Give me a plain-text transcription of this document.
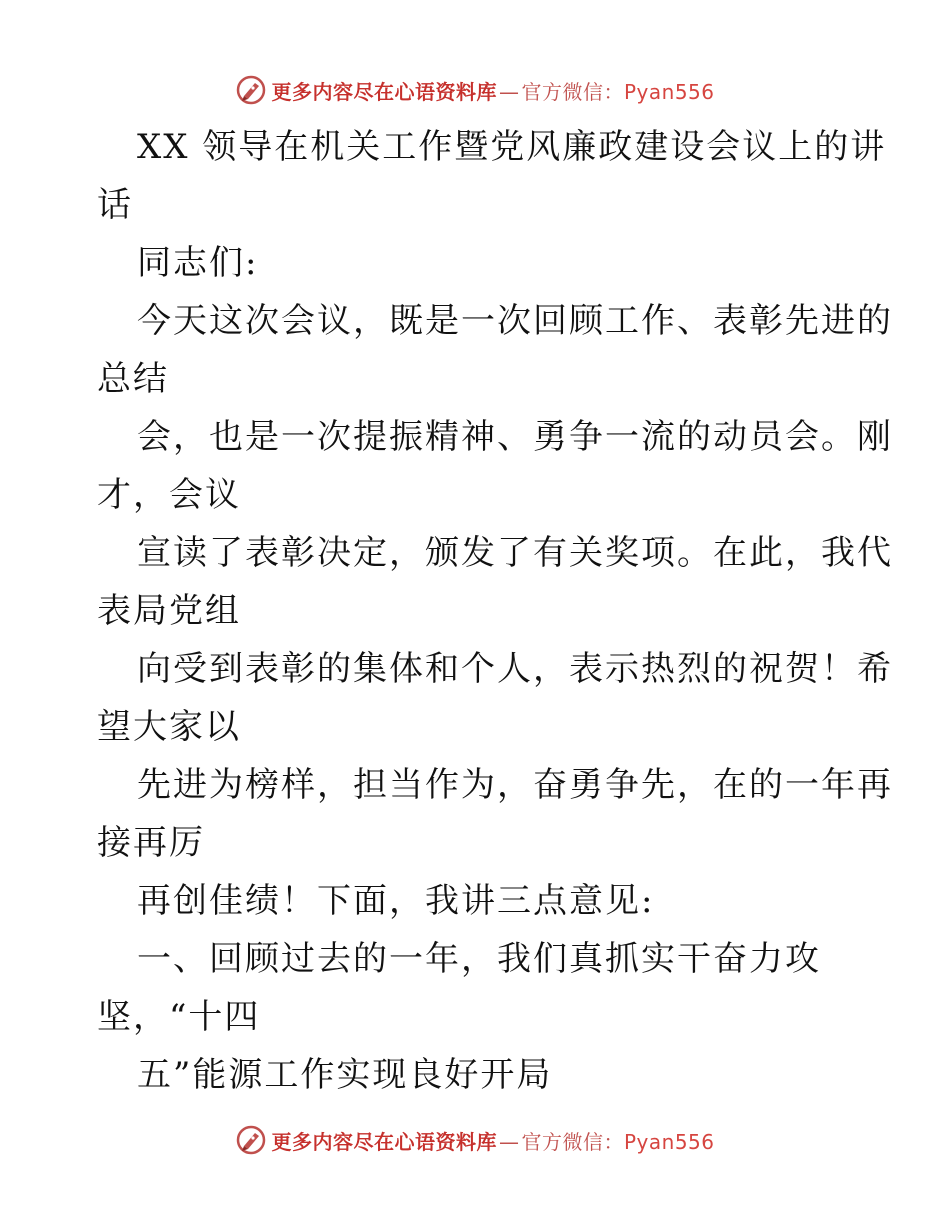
更多内容尽在心语资料库 — 官方微信：Pyan556
XX 领导在机关工作暨党风廉政建设会议上的讲
话
同志们:
今天这次会议，既是一次回顾工作、表彰先进的
总结
会，也是一次提振精神、勇争一流的动员会。刚
才，会议
宣读了表彰决定，颁发了有关奖项。在此，我代
表局党组
向受到表彰的集体和个人，表示热烈的祝贺！希
望大家以
先进为榜样，担当作为，奋勇争先，在的一年再
接再厉
再创佳绩！下面，我讲三点意见:
一、回顾过去的一年，我们真抓实干奋力攻
坚，“十四
五”能源工作实现良好开局
更多内容尽在心语资料库 — 官方微信：Pyan556
